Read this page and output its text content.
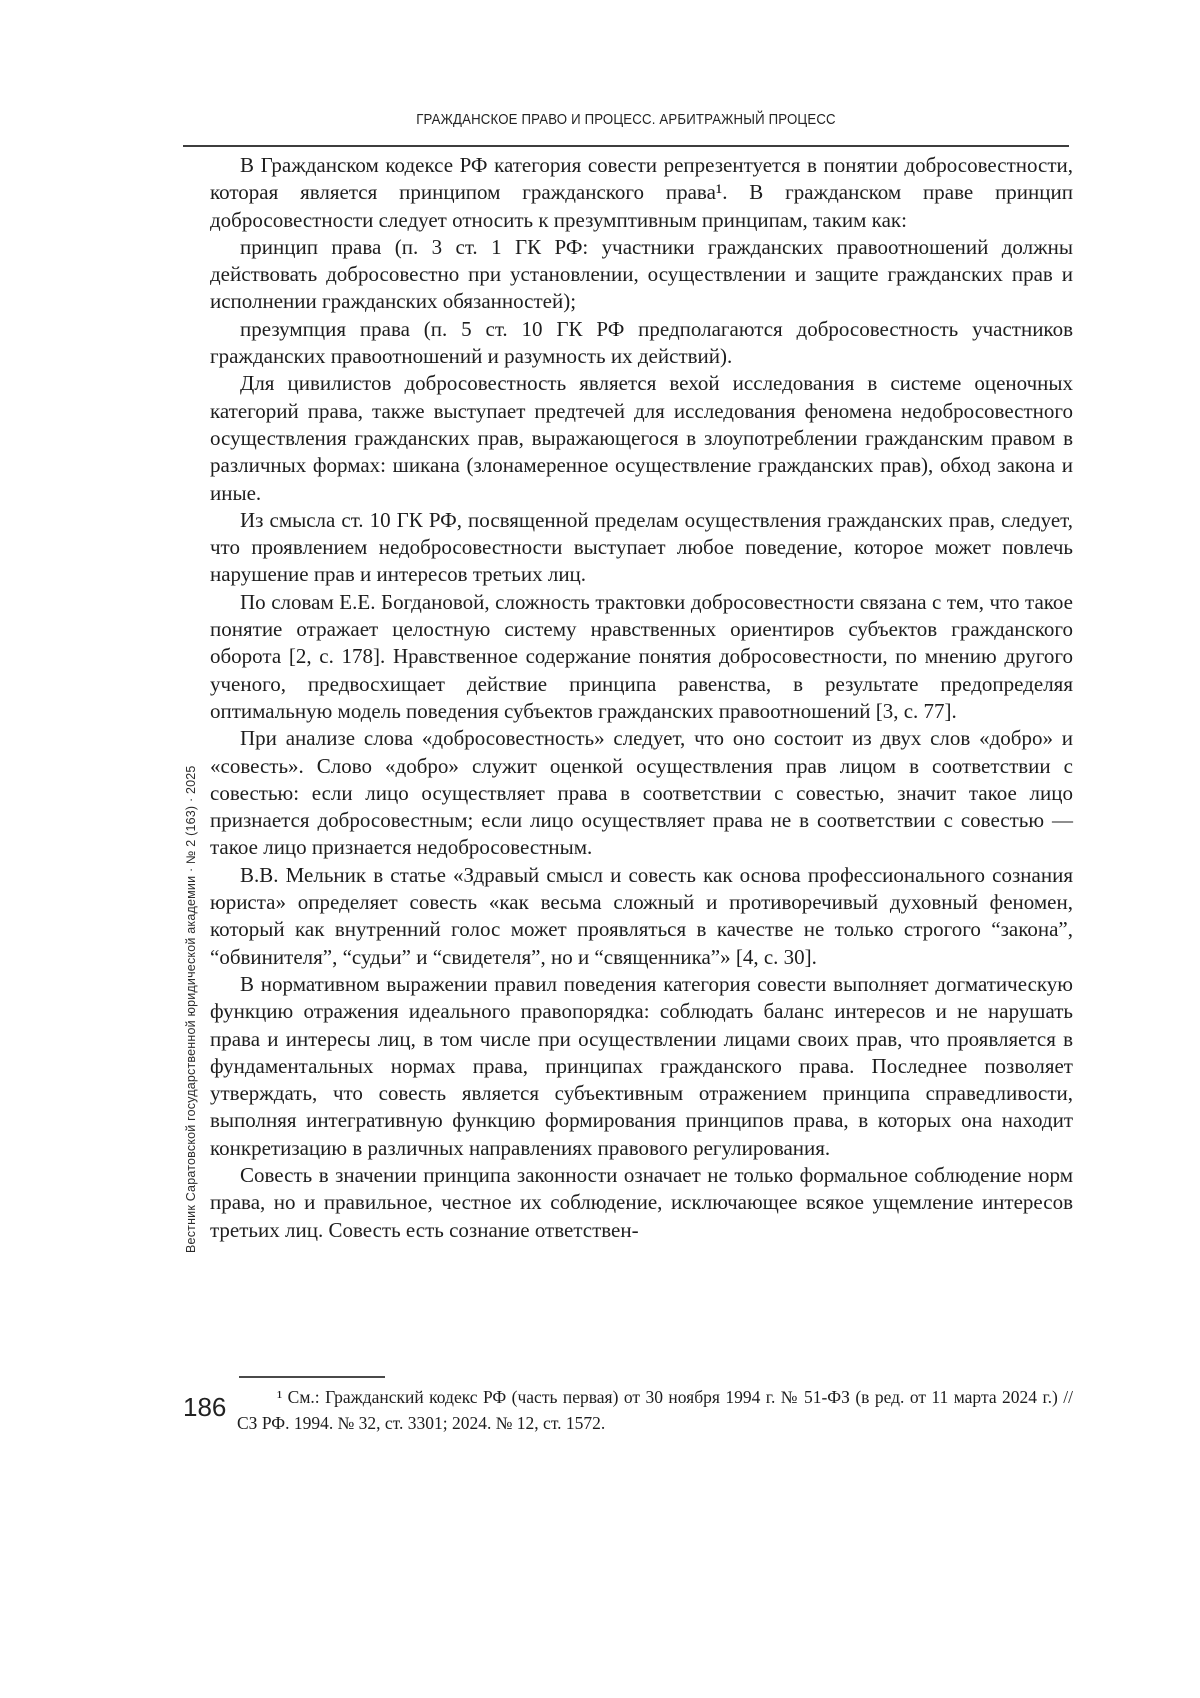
ГРАЖДАНСКОЕ ПРАВО И ПРОЦЕСС. АРБИТРАЖНЫЙ ПРОЦЕСС
Вестник Саратовской государственной юридической академии · № 2 (163) · 2025

В Гражданском кодексе РФ категория совести репрезентуется в понятии добросовестности, которая является принципом гражданского права¹. В гражданском праве принцип добросовестности следует относить к презумптивным принципам, таким как:

принцип права (п. 3 ст. 1 ГК РФ: участники гражданских правоотношений должны действовать добросовестно при установлении, осуществлении и защите гражданских прав и исполнении гражданских обязанностей);

презумпция права (п. 5 ст. 10 ГК РФ предполагаются добросовестность участников гражданских правоотношений и разумность их действий).

Для цивилистов добросовестность является вехой исследования в системе оценочных категорий права, также выступает предтечей для исследования феномена недобросовестного осуществления гражданских прав, выражающегося в злоупотреблении гражданским правом в различных формах: шикана (злонамеренное осуществление гражданских прав), обход закона и иные.

Из смысла ст. 10 ГК РФ, посвященной пределам осуществления гражданских прав, следует, что проявлением недобросовестности выступает любое поведение, которое может повлечь нарушение прав и интересов третьих лиц.

По словам Е.Е. Богдановой, сложность трактовки добросовестности связана с тем, что такое понятие отражает целостную систему нравственных ориентиров субъектов гражданского оборота [2, с. 178]. Нравственное содержание понятия добросовестности, по мнению другого ученого, предвосхищает действие принципа равенства, в результате предопределяя оптимальную модель поведения субъектов гражданских правоотношений [3, с. 77].

При анализе слова «добросовестность» следует, что оно состоит из двух слов «добро» и «совесть». Слово «добро» служит оценкой осуществления прав лицом в соответствии с совестью: если лицо осуществляет права в соответствии с совестью, значит такое лицо признается добросовестным; если лицо осуществляет права не в соответствии с совестью — такое лицо признается недобросовестным.

В.В. Мельник в статье «Здравый смысл и совесть как основа профессионального сознания юриста» определяет совесть «как весьма сложный и противоречивый духовный феномен, который как внутренний голос может проявляться в качестве не только строгого “закона”, “обвинителя”, “судьи” и “свидетеля”, но и “священника”» [4, с. 30].

В нормативном выражении правил поведения категория совести выполняет догматическую функцию отражения идеального правопорядка: соблюдать баланс интересов и не нарушать права и интересы лиц, в том числе при осуществлении лицами своих прав, что проявляется в фундаментальных нормах права, принципах гражданского права. Последнее позволяет утверждать, что совесть является субъективным отражением принципа справедливости, выполняя интегративную функцию формирования принципов права, в которых она находит конкретизацию в различных направлениях правового регулирования.

Совесть в значении принципа законности означает не только формальное соблюдение норм права, но и правильное, честное их соблюдение, исключающее всякое ущемление интересов третьих лиц. Совесть есть сознание ответствен-

¹ См.: Гражданский кодекс РФ (часть первая) от 30 ноября 1994 г. № 51-ФЗ (в ред. от 11 марта 2024 г.) // СЗ РФ. 1994. № 32, ст. 3301; 2024. № 12, ст. 1572.
186
